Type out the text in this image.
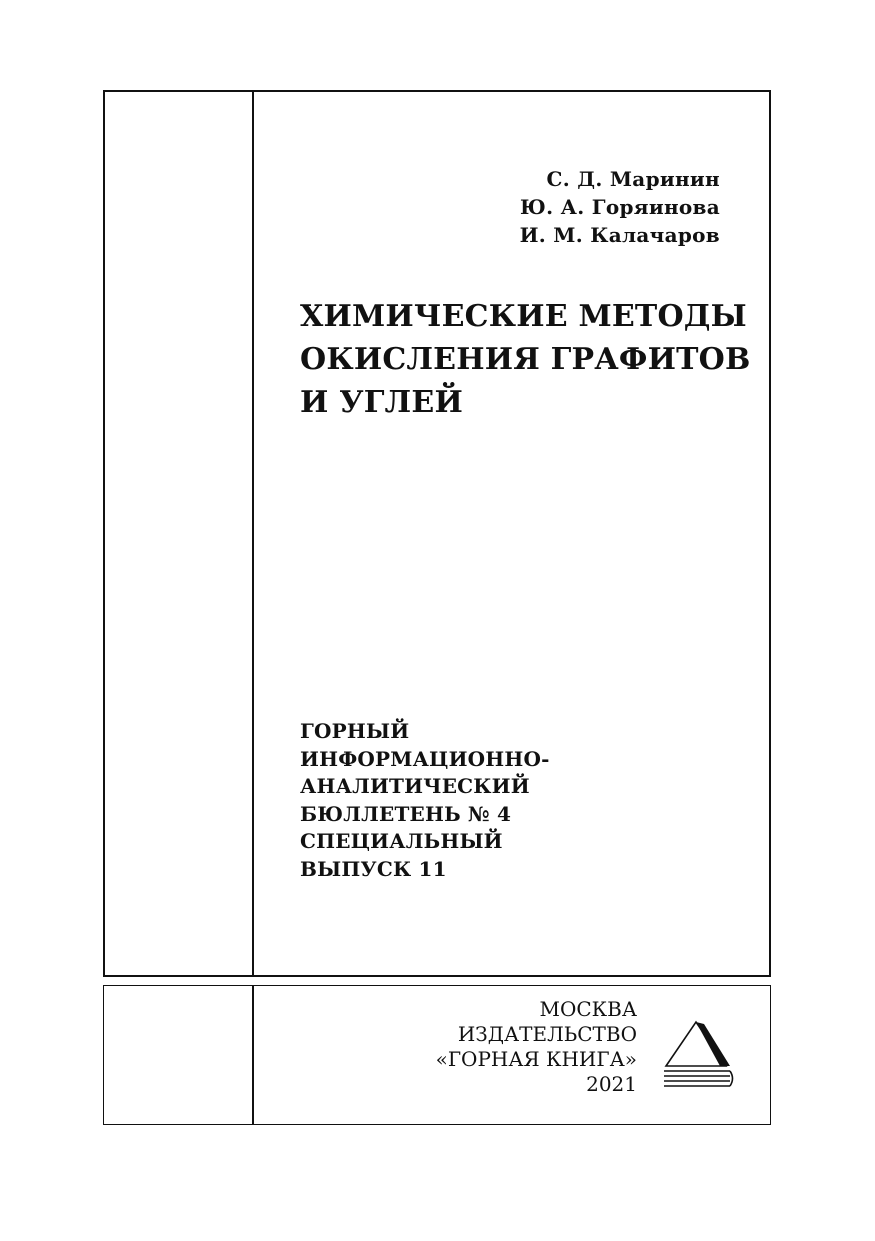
С. Д. Маринин
Ю. А. Горяинова
И. М. Калачаров
ХИМИЧЕСКИЕ МЕТОДЫ
ОКИСЛЕНИЯ ГРАФИТОВ
И УГЛЕЙ
ГОРНЫЙ
ИНФОРМАЦИОННО-
АНАЛИТИЧЕСКИЙ
БЮЛЛЕТЕНЬ № 4
СПЕЦИАЛЬНЫЙ
ВЫПУСК 11
МОСКВА
ИЗДАТЕЛЬСТВО
«ГОРНАЯ КНИГА»
2021
